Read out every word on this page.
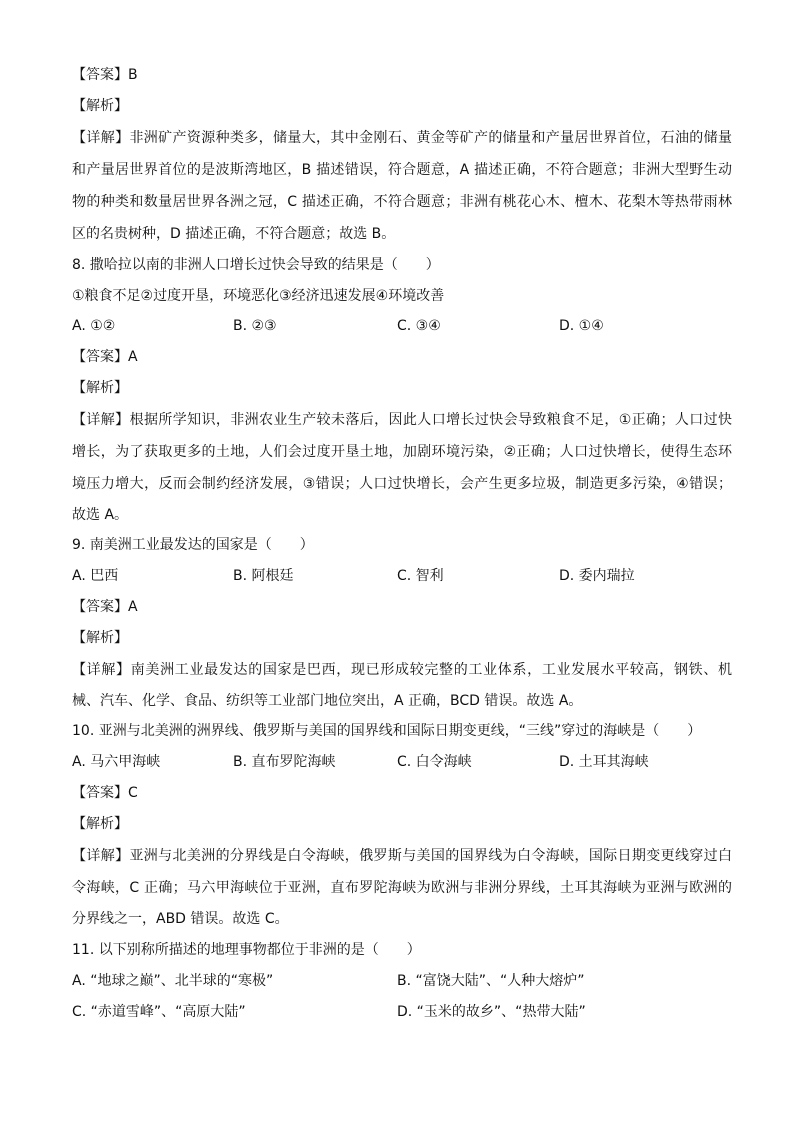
【答案】B
【解析】
【详解】非洲矿产资源种类多，储量大，其中金刚石、黄金等矿产的储量和产量居世界首位，石油的储量
和产量居世界首位的是波斯湾地区，B 描述错误，符合题意，A 描述正确，不符合题意；非洲大型野生动
物的种类和数量居世界各洲之冠，C 描述正确，不符合题意；非洲有桃花心木、檀木、花梨木等热带雨林
区的名贵树种，D 描述正确，不符合题意；故选 B。
8. 撒哈拉以南的非洲人口增长过快会导致的结果是（　　）
①粮食不足②过度开垦，环境恶化③经济迅速发展④环境改善
A. ①②	B. ②③	C. ③④	D. ①④
【答案】A
【解析】
【详解】根据所学知识，非洲农业生产较未落后，因此人口增长过快会导致粮食不足，①正确；人口过快
增长，为了获取更多的土地，人们会过度开垦土地，加剧环境污染，②正确；人口过快增长，使得生态环
境压力增大，反而会制约经济发展，③错误；人口过快增长，会产生更多垃圾，制造更多污染，④错误；
故选 A。
9. 南美洲工业最发达的国家是（　　）
A. 巴西	B. 阿根廷	C. 智利	D. 委内瑞拉
【答案】A
【解析】
【详解】南美洲工业最发达的国家是巴西，现已形成较完整的工业体系，工业发展水平较高，钢铁、机
械、汽车、化学、食品、纺织等工业部门地位突出，A 正确，BCD 错误。故选 A。
10. 亚洲与北美洲的洲界线、俄罗斯与美国的国界线和国际日期变更线，“三线”穿过的海峡是（　　）
A. 马六甲海峡	B. 直布罗陀海峡	C. 白令海峡	D. 土耳其海峡
【答案】C
【解析】
【详解】亚洲与北美洲的分界线是白令海峡，俄罗斯与美国的国界线为白令海峡，国际日期变更线穿过白
令海峡，C 正确；马六甲海峡位于亚洲，直布罗陀海峡为欧洲与非洲分界线，土耳其海峡为亚洲与欧洲的
分界线之一，ABD 错误。故选 C。
11. 以下别称所描述的地理事物都位于非洲的是（　　）
A. “地球之巅”、北半球的“寒极”	B. “富饶大陆”、“人种大熔炉”
C. “赤道雪峰”、“高原大陆”	D. “玉米的故乡”、“热带大陆”
